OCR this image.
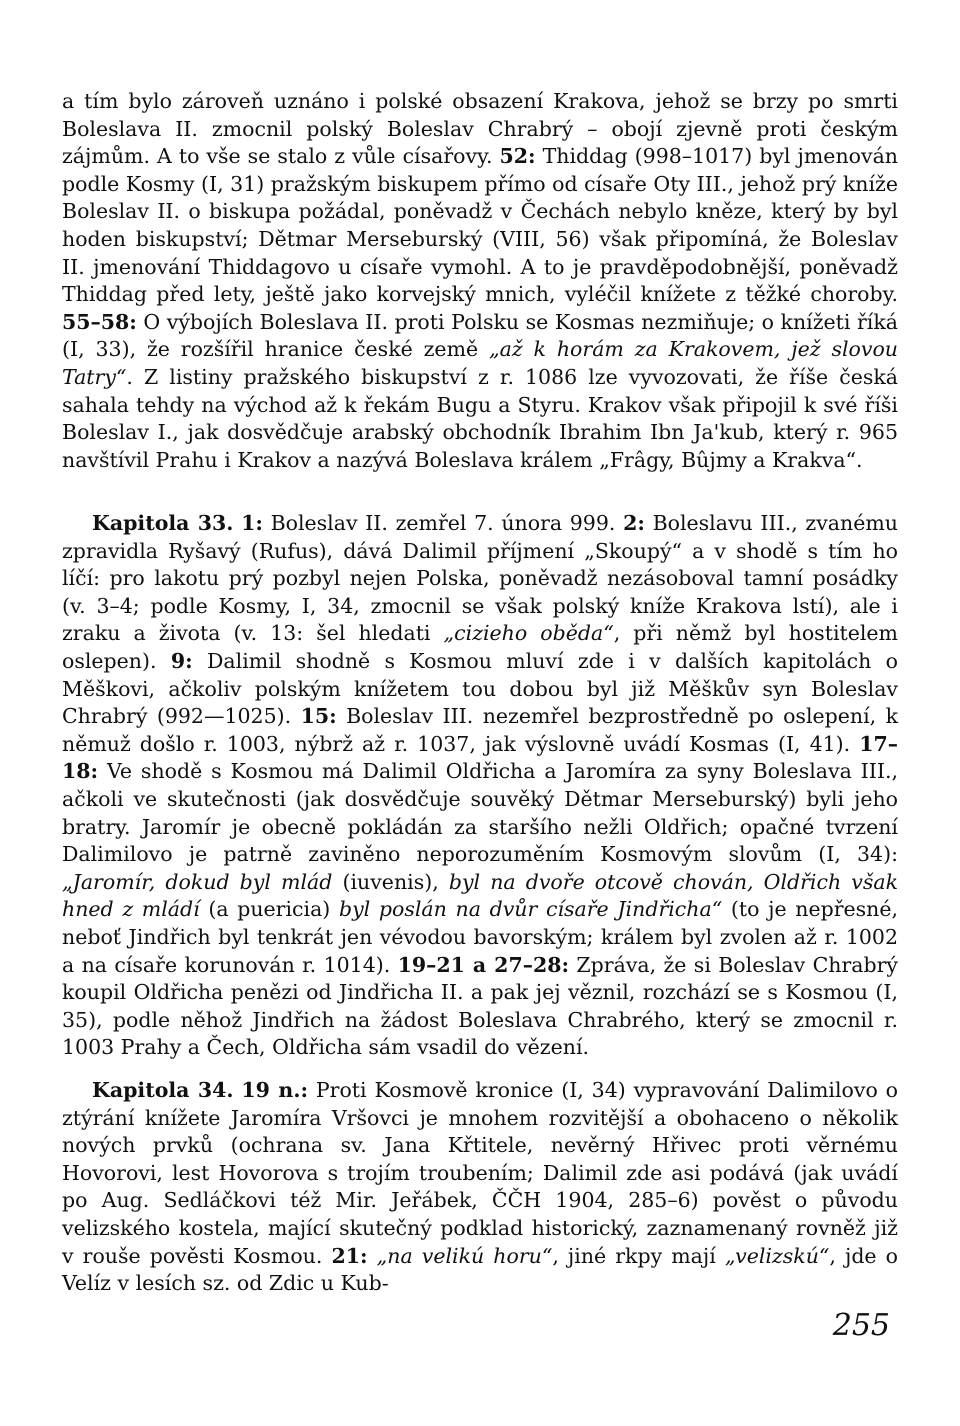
a tím bylo zároveň uznáno i polské obsazení Krakova, jehož se brzy po smrti Boleslava II. zmocnil polský Boleslav Chrabrý – obojí zjevně proti českým zájmům. A to vše se stalo z vůle císařovy. 52: Thiddag (998–1017) byl jmenován podle Kosmy (I, 31) pražským biskupem přímo od císaře Oty III., jehož prý kníže Boleslav II. o biskupa požádal, poněvadž v Čechách nebylo kněze, který by byl hoden biskupství; Dětmar Merseburský (VIII, 56) však připomíná, že Boleslav II. jmenování Thiddagovo u císaře vymohl. A to je pravděpodobnější, poněvadž Thiddag před lety, ještě jako korvejský mnich, vyléčil knížete z těžké choroby. 55–58: O výbojích Boleslava II. proti Polsku se Kosmas nezmiňuje; o knížeti říká (I, 33), že rozšířil hranice české země „až k horám za Krakovem, jež slovou Tatry“. Z listiny pražského biskupství z r. 1086 lze vyvozovati, že říše česká sahala tehdy na východ až k řekám Bugu a Styru. Krakov však připojil k své říši Boleslav I., jak dosvědčuje arabský obchodník Ibrahim Ibn Ja'kub, který r. 965 navštívil Prahu i Krakov a nazývá Boleslava králem „Frâgy, Bûjmy a Krakva“.

Kapitola 33. 1: Boleslav II. zemřel 7. února 999. 2: Boleslavu III., zvanému zpravidla Ryšavý (Rufus), dává Dalimil příjmení „Skoupý“ a v shodě s tím ho líčí: pro lakotu prý pozbyl nejen Polska, poněvadž nezásoboval tamní posádky (v. 3–4; podle Kosmy, I, 34, zmocnil se však polský kníže Krakova lstí), ale i zraku a života (v. 13: šel hledati „cizieho oběda“, při němž byl hostitelem oslepen). 9: Dalimil shodně s Kosmou mluví zde i v dalších kapitolách o Měškovi, ačkoliv polským knížetem tou dobou byl již Měškův syn Boleslav Chrabrý (992—1025). 15: Boleslav III. nezemřel bezprostředně po oslepení, k němuž došlo r. 1003, nýbrž až r. 1037, jak výslovně uvádí Kosmas (I, 41). 17–18: Ve shodě s Kosmou má Dalimil Oldřicha a Jaromíra za syny Boleslava III., ačkoli ve skutečnosti (jak dosvědčuje souvěký Dětmar Merseburský) byli jeho bratry. Jaromír je obecně pokládán za staršího nežli Oldřich; opačné tvrzení Dalimilovo je patrně zaviněno neporozuměním Kosmovým slovům (I, 34): „Jaromír, dokud byl mlád (iuvenis), byl na dvoře otcově chován, Oldřich však hned z mládí (a puericia) byl poslán na dvůr císaře Jindřicha“ (to je nepřesné, neboť Jindřich byl tenkrát jen vévodou bavorským; králem byl zvolen až r. 1002 a na císaře korunován r. 1014). 19–21 a 27–28: Zpráva, že si Boleslav Chrabrý koupil Oldřicha penězi od Jindřicha II. a pak jej věznil, rozchází se s Kosmou (I, 35), podle něhož Jindřich na žádost Boleslava Chrabrého, který se zmocnil r. 1003 Prahy a Čech, Oldřicha sám vsadil do vězení.

Kapitola 34. 19 n.: Proti Kosmově kronice (I, 34) vypravování Dalimilovo o ztýrání knížete Jaromíra Vršovci je mnohem rozvitější a obohaceno o několik nových prvků (ochrana sv. Jana Křtitele, nevěrný Hřivec proti věrnému Hovorovi, lest Hovorova s trojím troubením; Dalimil zde asi podává (jak uvádí po Aug. Sedláčkovi též Mir. Jeřábek, ČČH 1904, 285–6) pověst o původu velizského kostela, mající skutečný podklad historický, zaznamenaný rovněž již v rouše pověsti Kosmou. 21: „na velikú horu“, jiné rkpy mají „velizskú“, jde o Velíz v lesích sz. od Zdic u Kub-

255
